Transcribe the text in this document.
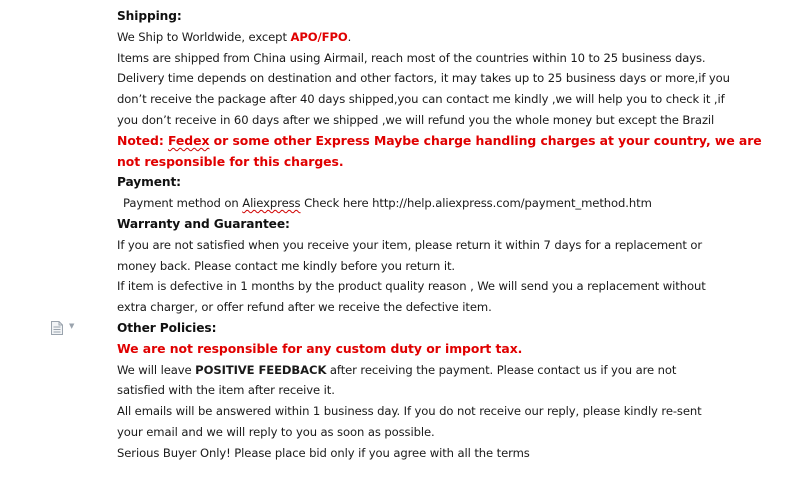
Shipping:
We Ship to Worldwide, except APO/FPO.
Items are shipped from China using Airmail, reach most of the countries within 10 to 25 business days.
Delivery time depends on destination and other factors, it may takes up to 25 business days or more,if you
don’t receive the package after 40 days shipped,you can contact me kindly ,we will help you to check it ,if
you don’t receive in 60 days after we shipped ,we will refund you the whole money but except the Brazil
Noted: Fedex or some other Express Maybe charge handling charges at your country, we are
not responsible for this charges.
Payment:
Payment method on Aliexpress Check here http://help.aliexpress.com/payment_method.htm
Warranty and Guarantee:
If you are not satisfied when you receive your item, please return it within 7 days for a replacement or
money back. Please contact me kindly before you return it.
If item is defective in 1 months by the product quality reason , We will send you a replacement without
extra charger, or offer refund after we receive the defective item.
Other Policies:
We are not responsible for any custom duty or import tax.
We will leave POSITIVE FEEDBACK after receiving the payment. Please contact us if you are not
satisfied with the item after receive it.
All emails will be answered within 1 business day. If you do not receive our reply, please kindly re-sent
your email and we will reply to you as soon as possible.
Serious Buyer Only! Please place bid only if you agree with all the terms
▼
